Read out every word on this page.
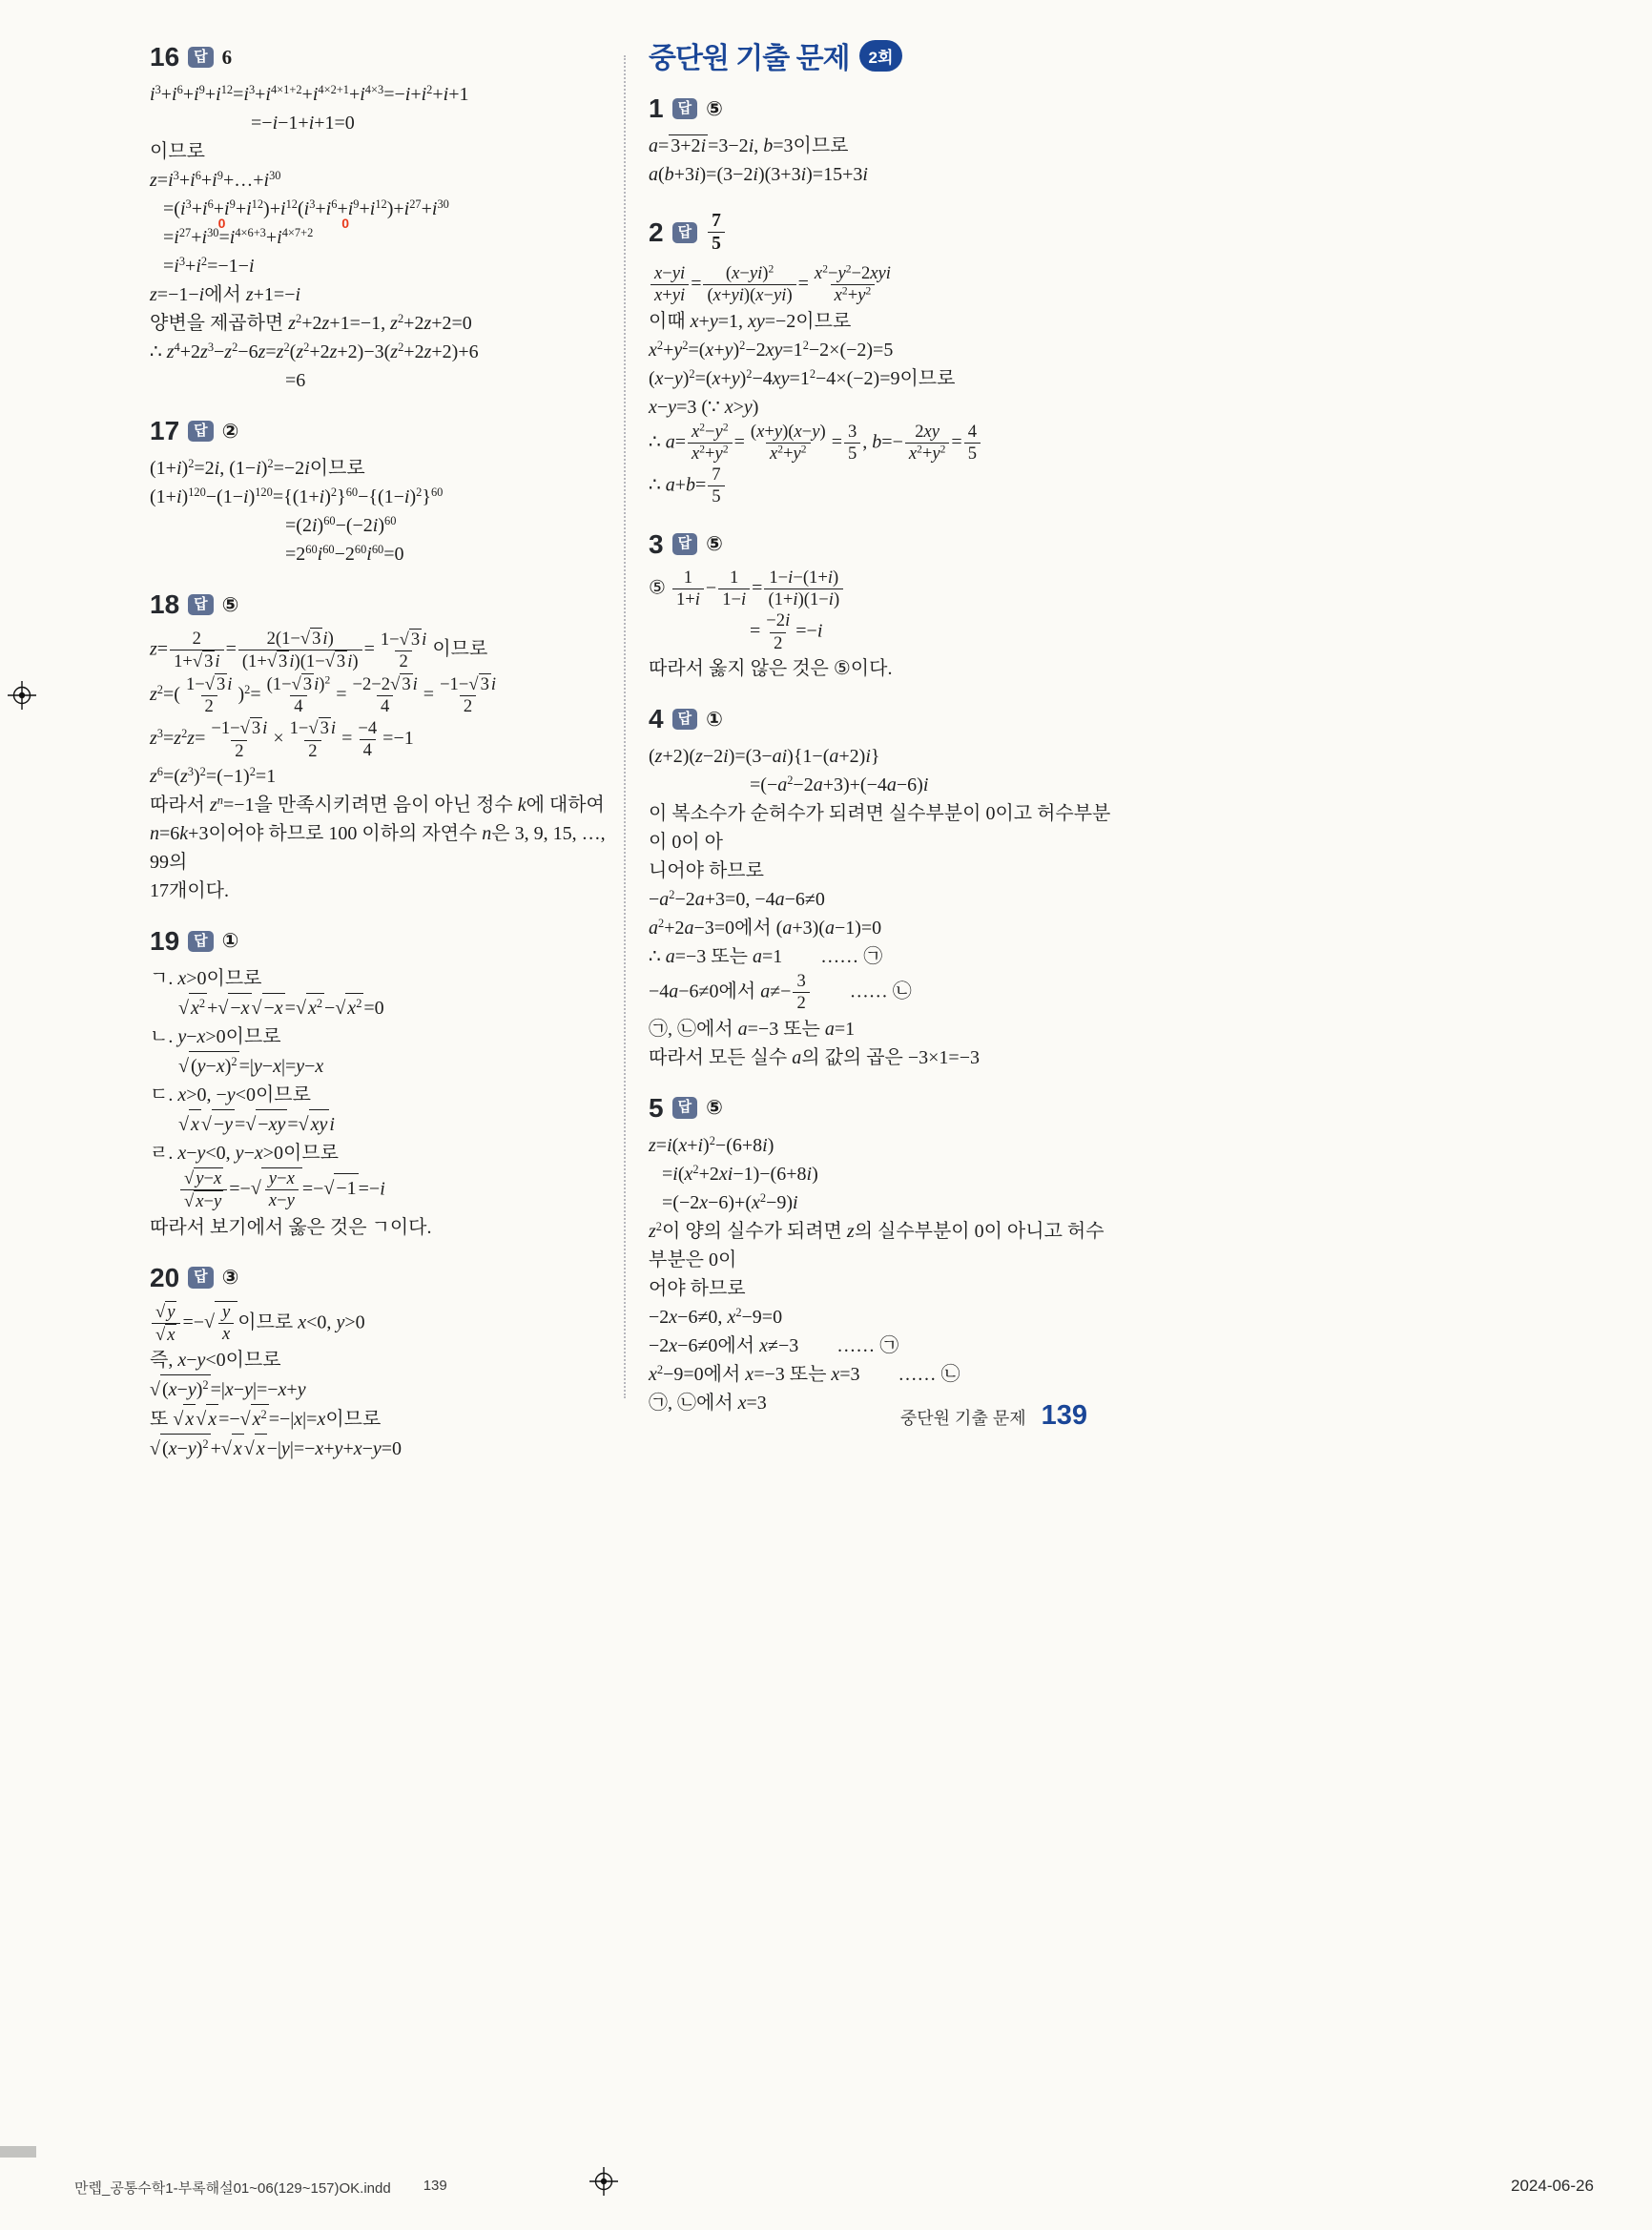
16	답 6
$i^3+i^6+i^9+i^{12}=i^3+i^{4\times 1+2}+i^{4\times 2+1}+i^{4\times 3}=-i+i^2+i+1$
=−i−1+i+1=0
이므로
$z=i^3+i^6+i^9+\dots+i^{30}$
$=(i^3+i^6+i^9+i^{12})$
0
$+i^{12}(i^3+i^6+i^9+i^{12})$
0
$+i^{27}+i^{30}$
$=i^{27}+i^{30}=i^{4\times 6+3}+i^{4\times 7+2}$
$=i^3+i^2=-1-i$
z=−1−i에서 z+1=−i
양변을 제곱하면 $z^2+2z+1=-1$, $z^2+2z+2=0$
∴ $z^4+2z^3-z^2-6z=z^2(z^2+2z+2)-3(z^2+2z+2)+6$
=6
17	답 ②
$(1+i)^2=2i$, $(1-i)^2=-2i$이므로
$(1+i)^{120}-(1-i)^{120}=\{(1+i)^2\}^{60}-\{(1-i)^2\}^{60}$
$=(2i)^{60}-(-2i)^{60}$
$=2^{60}i^{60}-2^{60}i^{60}=0$
18	답 ⑤
$z= \frac{2}{1+ √ 3 i} = \frac{2(1- √ 3 i)}{(1+ √ 3 i)(1- √ 3 i)} = \frac{1- √ 3 i}{2}$ 이므로
$z^2=( \frac{1- √ 3 i}{2} )^2= \frac{(1- √ 3 i)^2}{4} = \frac{-2-2 √ 3 i}{4} = \frac{-1- √ 3 i}{2}$
$z^3=z^2z= \frac{-1- √ 3 i}{2} \times \frac{1- √ 3 i}{2} = \frac{-4}{4} =-1$
$z^6=(z^3)^2=(-1)^2=1$
따라서 $z^n=-1$을 만족시키려면 음이 아닌 정수 k에 대하여
n=6k+3이어야 하므로 100 이하의 자연수 n은 3, 9, 15, …, 99의
17개이다.
19	답 ①
ㄱ. x>0이므로
√ $x^2$ + √ −x √ −x = √ $x^2$ − √ $x^2 =0$
ㄴ. y−x>0이므로
√ $(y-x)^2 =|y-x|=y-x$
ㄷ. x>0, −y<0이므로
√ x √ −y = √ −xy = √ xy i
ㄹ. x−y<0, y−x>0이므로
$\frac{√ y-x}{√ x-y}$ =− √ $\frac{y-x}{x-y}$ =− √ −1 =−i
따라서 보기에서 옳은 것은 ㄱ이다.
20	답 ③
$\frac{√ y}{√ x}$ =− √ $\frac{y}{x}$ 이므로 x<0, y>0
즉, x−y<0이므로
√ $(x-y)^2 =|x-y|=-x+y$
또 √ x √ x =− √ $x^2 =-|x|=x$이므로
√ $(x-y)^2$ + √ x √ x −|y|=−x+y+x−y=0
중단원 기출 문제	2회
1	답 ⑤
a= 3+2i =3−2i, b=3이므로
a(b+3i)=(3−2i)(3+3i)=15+3i
2	답 $\frac{7}{5}$
$\frac{x-yi}{x+yi} = \frac{(x-yi)^2}{(x+yi)(x-yi)} = \frac{x^2-y^2-2xyi}{x^2+y^2}$
이때 x+y=1, xy=−2이므로
$x^2+y^2=(x+y)^2-2xy=1^2-2\times(-2)=5$
$(x-y)^2=(x+y)^2-4xy=1^2-4\times(-2)=9$이므로
x−y=3 (∵ x>y)
∴ $a= \frac{x^2-y^2}{x^2+y^2} = \frac{(x+y)(x-y)}{x^2+y^2} = \frac{3}{5}$ , $b=- \frac{2xy}{x^2+y^2} = \frac{4}{5}$
∴ $a+b= \frac{7}{5}$
3	답 ⑤
⑤ $\frac{1}{1+i} - \frac{1}{1-i} = \frac{1-i-(1+i)}{(1+i)(1-i)}$
= $\frac{-2i}{2} =-i$
따라서 옳지 않은 것은 ⑤이다.
4	답 ①
(z+2)(z−2i)=(3−ai){1−(a+2)i}
$=(-a^2-2a+3)+(-4a-6)i$
이 복소수가 순허수가 되려면 실수부분이 0이고 허수부분이 0이 아
니어야 하므로
$-a^2-2a+3=0$, −4a−6≠0
$a^2+2a-3=0$에서 (a+3)(a−1)=0
∴ a=−3 또는 a=1        …… ㉠
−4a−6≠0에서 $a\ne- \frac{3}{2}$ …… ㉡
㉠, ㉡에서 a=−3 또는 a=1
따라서 모든 실수 a의 값의 곱은 −3×1=−3
5	답 ⑤
$z=i(x+i)^2-(6+8i)$
$=i(x^2+2xi-1)-(6+8i)$
$=(-2x-6)+(x^2-9)i$
$z^2$이 양의 실수가 되려면 z의 실수부분이 0이 아니고 허수부분은 0이
어야 하므로
−2x−6≠0, $x^2-9=0$
−2x−6≠0에서 x≠−3        …… ㉠
$x^2-9=0$에서 x=−3 또는 x=3        …… ㉡
㉠, ㉡에서 x=3
중단원 기출 문제 139
만렙_공통수학1-부록해설01~06(129~157)OK.indd 139	2024-06-26
